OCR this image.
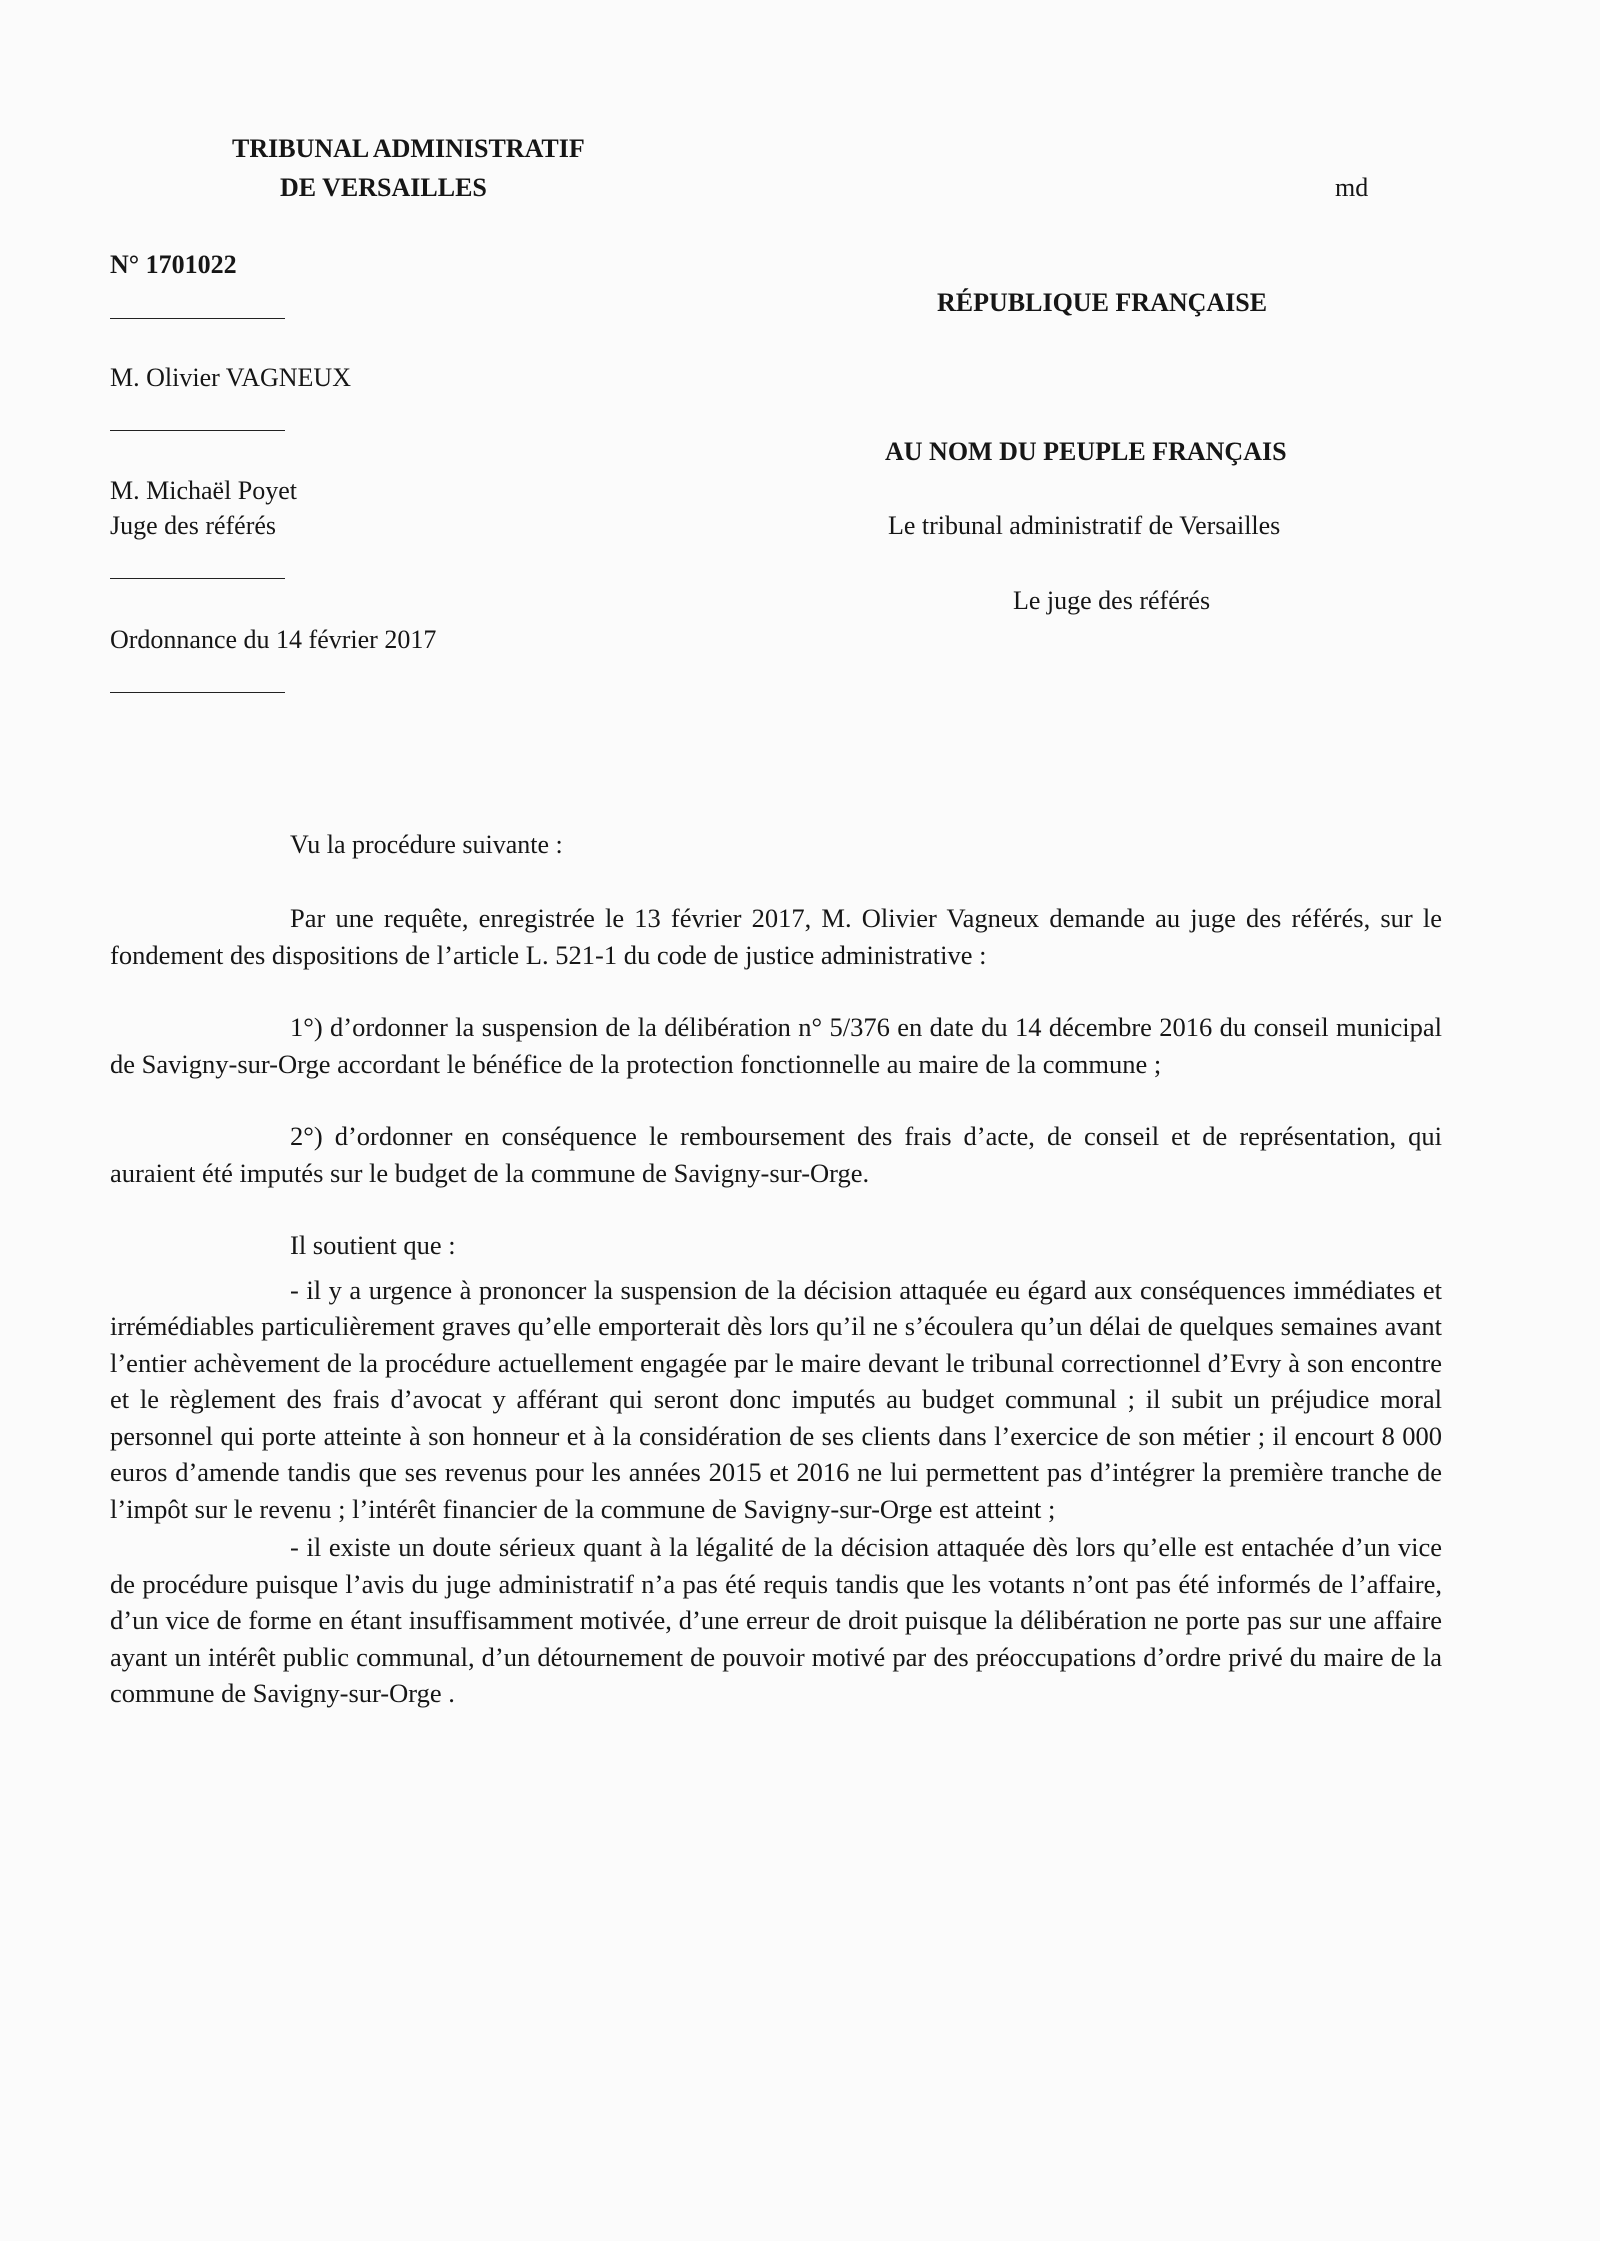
TRIBUNAL ADMINISTRATIF
DE VERSAILLES	md
N° 1701022
RÉPUBLIQUE FRANÇAISE
M. Olivier VAGNEUX
AU NOM DU PEUPLE FRANÇAIS
M. Michaël Poyet
Juge des référés	Le tribunal administratif de Versailles
Le juge des référés
Ordonnance du 14 février 2017
Vu la procédure suivante :

Par une requête, enregistrée le 13 février 2017, M. Olivier Vagneux demande au juge des référés, sur le fondement des dispositions de l’article L. 521-1 du code de justice administrative :

1°) d’ordonner la suspension de la délibération n° 5/376 en date du 14 décembre 2016 du conseil municipal de Savigny-sur-Orge accordant le bénéfice de la protection fonctionnelle au maire de la commune ;

2°) d’ordonner en conséquence le remboursement des frais d’acte, de conseil et de représentation, qui auraient été imputés sur le budget de la commune de Savigny-sur-Orge.

Il soutient que :

- il y a urgence à prononcer la suspension de la décision attaquée eu égard aux conséquences immédiates et irrémédiables particulièrement graves qu’elle emporterait dès lors qu’il ne s’écoulera qu’un délai de quelques semaines avant l’entier achèvement de la procédure actuellement engagée par le maire devant le tribunal correctionnel d’Evry à son encontre et le règlement des frais d’avocat y afférant qui seront donc imputés au budget communal ; il subit un préjudice moral personnel qui porte atteinte à son honneur et à la considération de ses clients dans l’exercice de son métier ; il encourt 8 000 euros d’amende tandis que ses revenus pour les années 2015 et 2016 ne lui permettent pas d’intégrer la première tranche de l’impôt sur le revenu ; l’intérêt financier de la commune de Savigny-sur-Orge est atteint ;

- il existe un doute sérieux quant à la légalité de la décision attaquée dès lors qu’elle est entachée d’un vice de procédure puisque l’avis du juge administratif n’a pas été requis tandis que les votants n’ont pas été informés de l’affaire, d’un vice de forme en étant insuffisamment motivée, d’une erreur de droit puisque la délibération ne porte pas sur une affaire ayant un intérêt public communal, d’un détournement de pouvoir motivé par des préoccupations d’ordre privé du maire de la commune de Savigny-sur-Orge .
